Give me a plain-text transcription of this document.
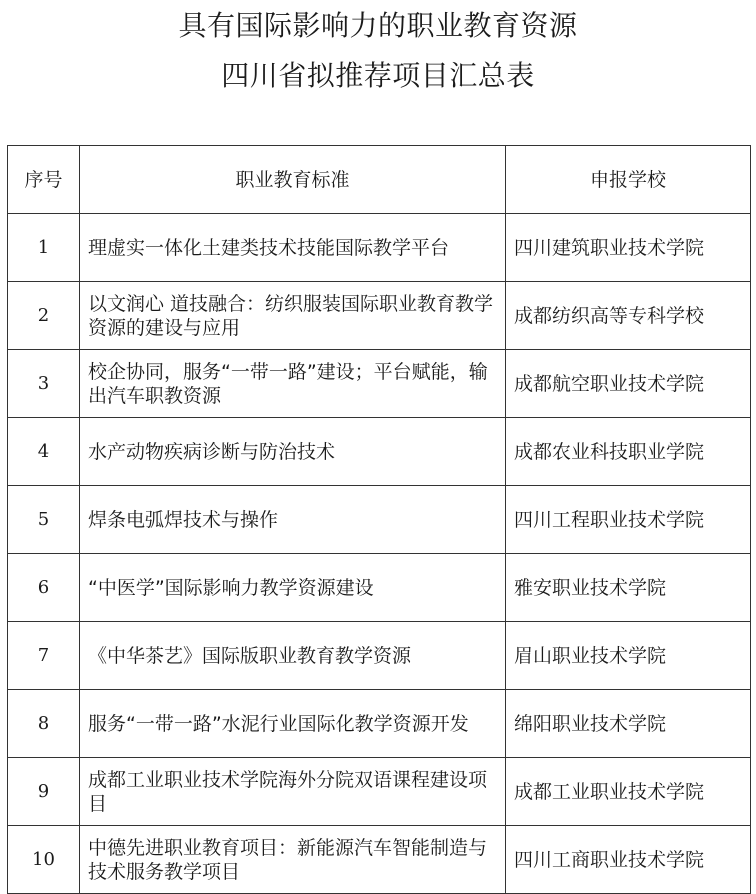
具有国际影响力的职业教育资源
四川省拟推荐项目汇总表
序号	职业教育标准	申报学校
1	理虚实一体化土建类技术技能国际教学平台	四川建筑职业技术学院
2	以文润心 道技融合：纺织服装国际职业教育教学资源的建设与应用	成都纺织高等专科学校
3	校企协同，服务“一带一路”建设；平台赋能，输出汽车职教资源	成都航空职业技术学院
4	水产动物疾病诊断与防治技术	成都农业科技职业学院
5	焊条电弧焊技术与操作	四川工程职业技术学院
6	“中医学”国际影响力教学资源建设	雅安职业技术学院
7	《中华茶艺》国际版职业教育教学资源	眉山职业技术学院
8	服务“一带一路”水泥行业国际化教学资源开发	绵阳职业技术学院
9	成都工业职业技术学院海外分院双语课程建设项目	成都工业职业技术学院
10	中德先进职业教育项目：新能源汽车智能制造与技术服务教学项目	四川工商职业技术学院
